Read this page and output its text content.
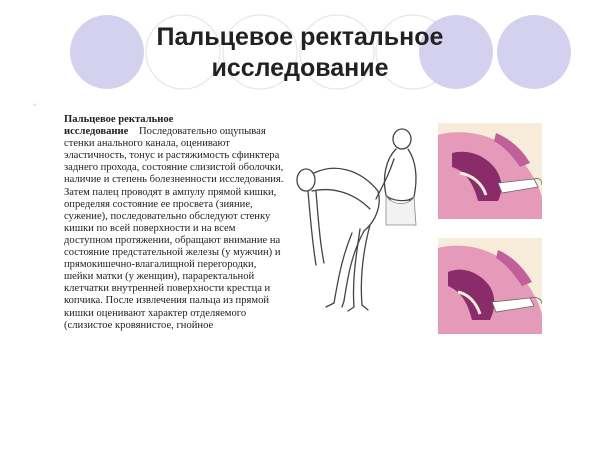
Пальцевое ректальное
исследование
◦
Пальцевое ректальное исследование Последовательно ощупывая стенки анального канала, оценивают эластичность, тонус и растяжимость сфинктера заднего прохода, состояние слизистой оболочки, наличие и степень болезненности исследования. Затем палец проводят в ампулу прямой кишки, определяя состояние ее просвета (зияние, сужение), последовательно обследуют стенку кишки по всей поверхности и на всем доступном протяжении, обращают внимание на состояние предстательной железы (у мужчин) и прямокишечно-влагалищной перегородки, шейки матки (у женщин), параректальной клетчатки внутренней поверхности крестца и копчика. После извлечения пальца из прямой кишки оценивают характер отделяемого (слизистое кровянистое, гнойное
